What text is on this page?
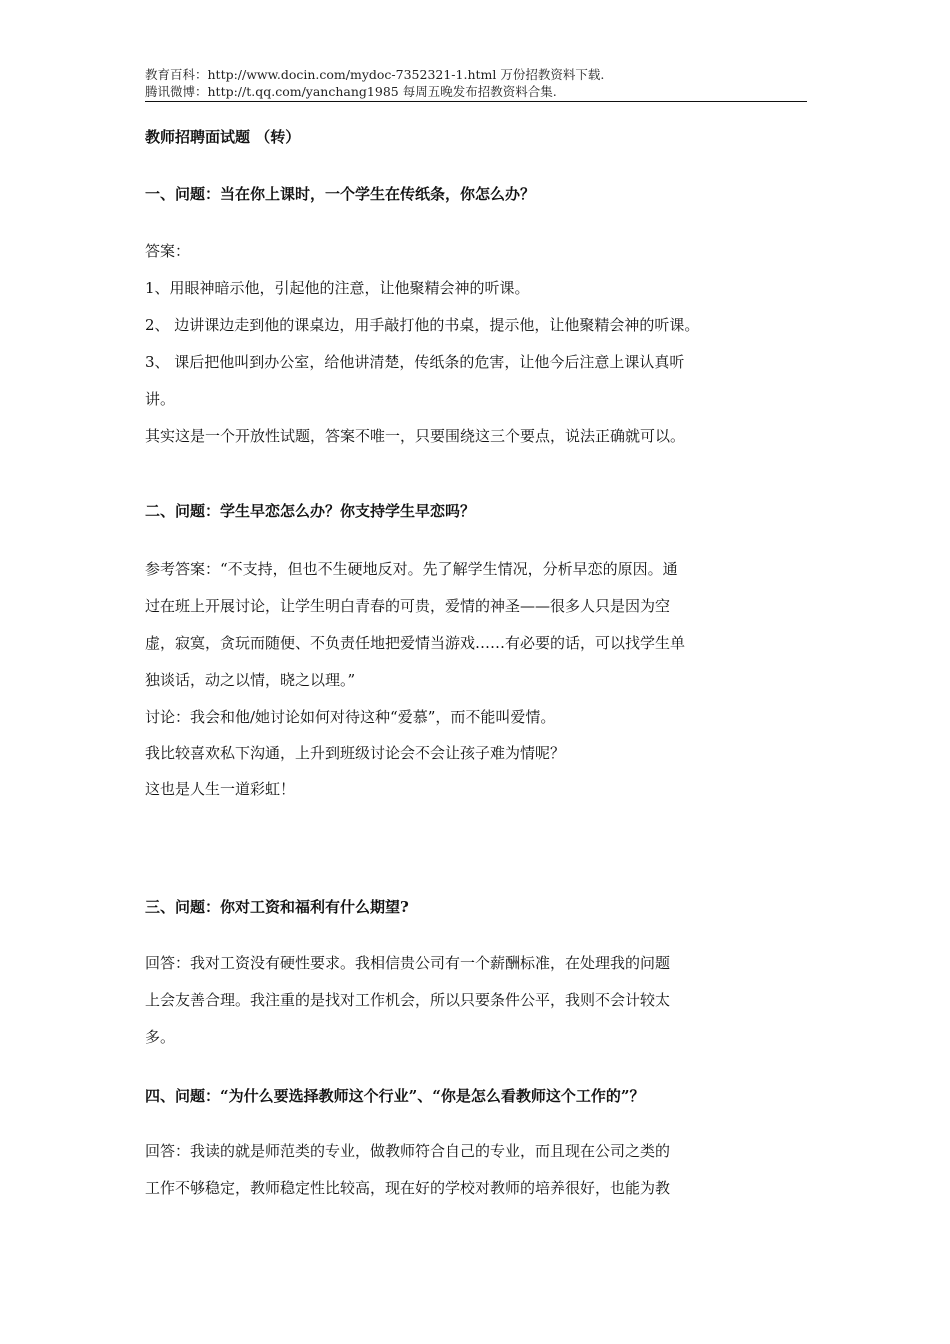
教育百科：http://www.docin.com/mydoc-7352321-1.html 万份招教资料下载.
腾讯微博：http://t.qq.com/yanchang1985 每周五晚发布招教资料合集.
教师招聘面试题 （转）
一、问题：当在你上课时，一个学生在传纸条，你怎么办？

答案：

1、用眼神暗示他，引起他的注意，让他聚精会神的听课。

2、 边讲课边走到他的课桌边，用手敲打他的书桌，提示他，让他聚精会神的听课。

3、 课后把他叫到办公室，给他讲清楚，传纸条的危害，让他今后注意上课认真听

讲。

其实这是一个开放性试题，答案不唯一，只要围绕这三个要点，说法正确就可以。

二、问题：学生早恋怎么办？你支持学生早恋吗？

参考答案：“不支持，但也不生硬地反对。先了解学生情况，分析早恋的原因。通

过在班上开展讨论，让学生明白青春的可贵，爱情的神圣——很多人只是因为空

虚，寂寞，贪玩而随便、不负责任地把爱情当游戏……有必要的话，可以找学生单

独谈话，动之以情，晓之以理。”

讨论：我会和他/她讨论如何对待这种“爱慕”，而不能叫爱情。

我比较喜欢私下沟通，上升到班级讨论会不会让孩子难为情呢？

这也是人生一道彩虹！

三、问题：你对工资和福利有什么期望?

回答：我对工资没有硬性要求。我相信贵公司有一个薪酬标准，在处理我的问题

上会友善合理。我注重的是找对工作机会，所以只要条件公平，我则不会计较太

多。

四、问题：“为什么要选择教师这个行业”、“你是怎么看教师这个工作的”？

回答：我读的就是师范类的专业，做教师符合自己的专业，而且现在公司之类的

工作不够稳定，教师稳定性比较高，现在好的学校对教师的培养很好，也能为教
